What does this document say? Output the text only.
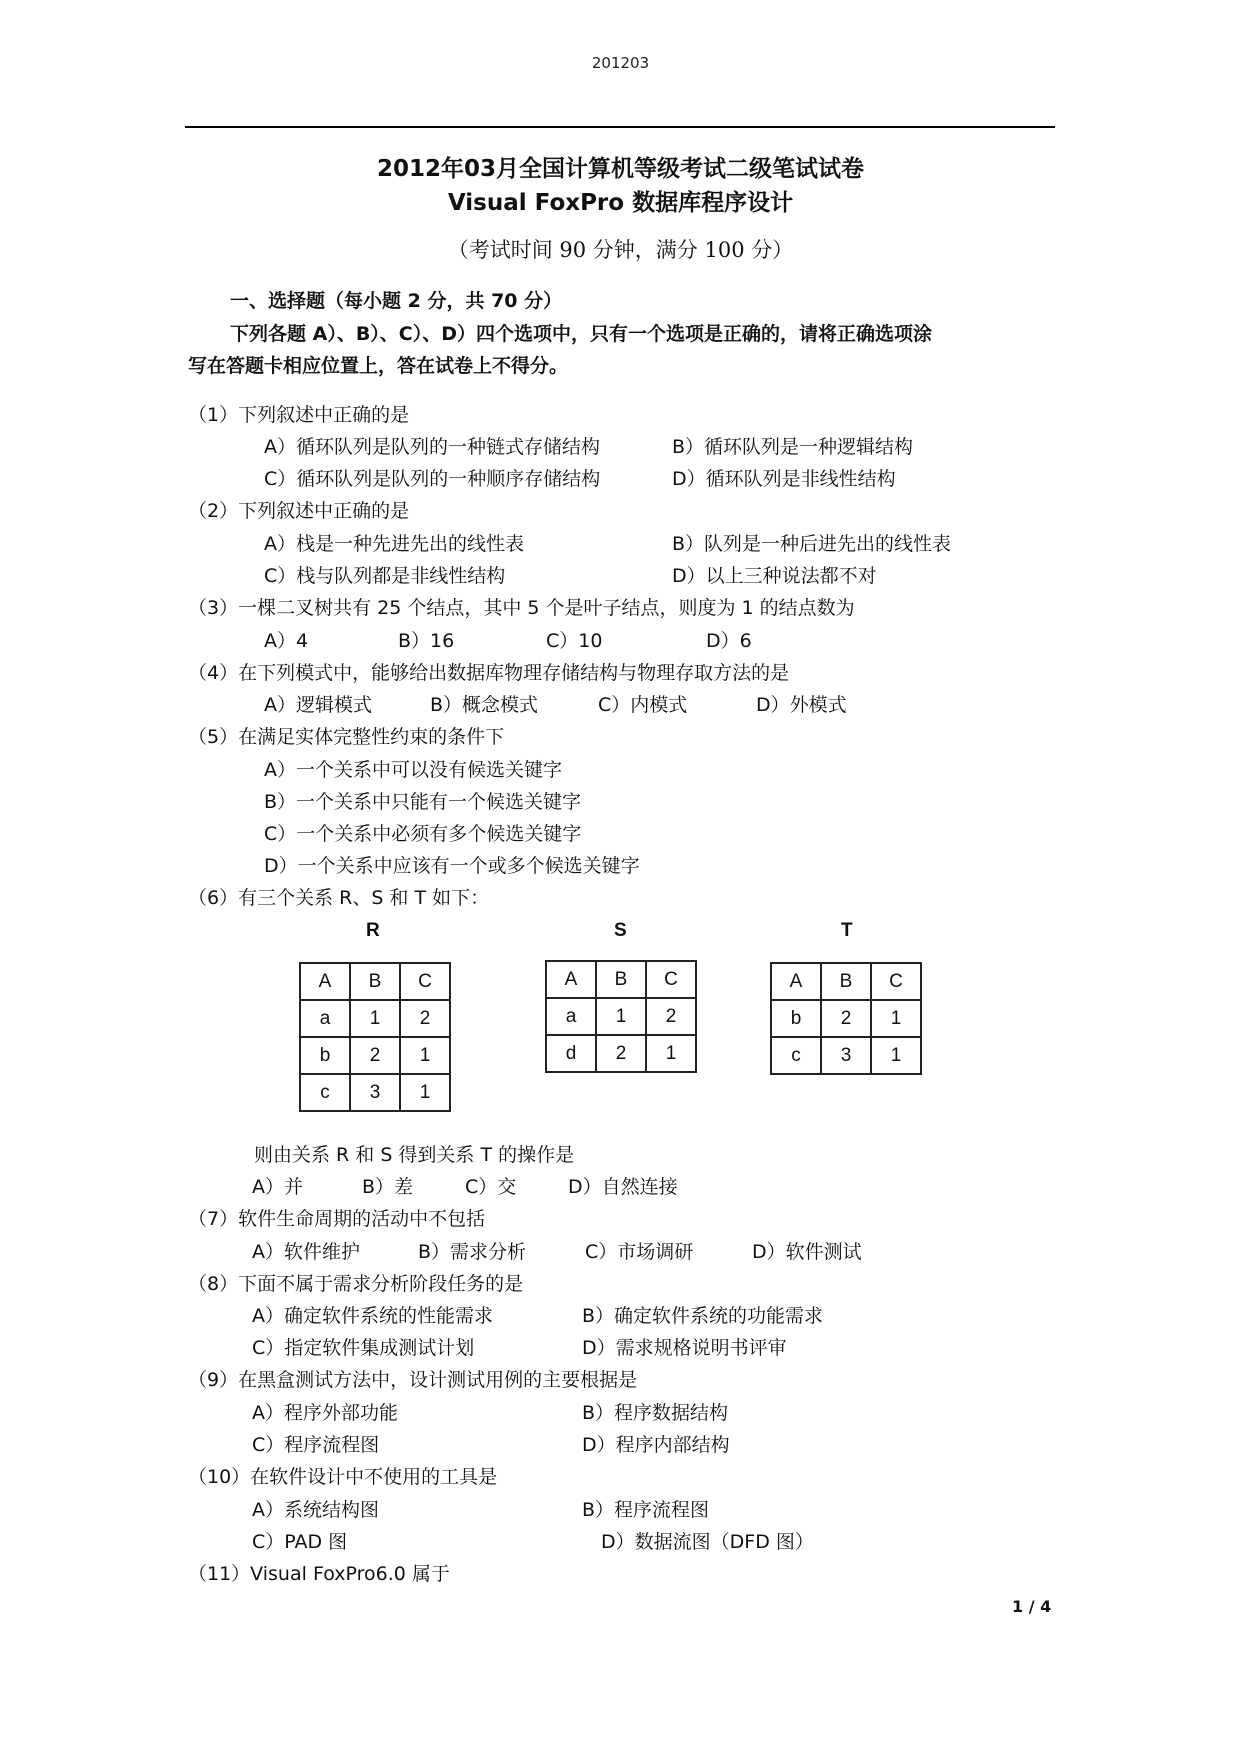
201203
2012年03月全国计算机等级考试二级笔试试卷
Visual FoxPro 数据库程序设计
（考试时间 90 分钟，满分 100 分）
一、选择题（每小题 2 分，共 70 分）
下列各题 A）、B）、C）、D）四个选项中，只有一个选项是正确的，请将正确选项涂
写在答题卡相应位置上，答在试卷上不得分。
（1）下列叙述中正确的是
A）循环队列是队列的一种链式存储结构	B）循环队列是一种逻辑结构
C）循环队列是队列的一种顺序存储结构	D）循环队列是非线性结构
（2）下列叙述中正确的是
A）栈是一种先进先出的线性表	B）队列是一种后进先出的线性表
C）栈与队列都是非线性结构	D）以上三种说法都不对
（3）一棵二叉树共有 25 个结点，其中 5 个是叶子结点，则度为 1 的结点数为
A）4	B）16	C）10	D）6
（4）在下列模式中，能够给出数据库物理存储结构与物理存取方法的是
A）逻辑模式	B）概念模式	C）内模式	D）外模式
（5）在满足实体完整性约束的条件下
A）一个关系中可以没有候选关键字
B）一个关系中只能有一个候选关键字
C）一个关系中必须有多个候选关键字
D）一个关系中应该有一个或多个候选关键字
（6）有三个关系 R、S 和 T 如下：
R	S	T
A	B	C
a	1	2
b	2	1
c	3	1
A	B	C
a	1	2
d	2	1
A	B	C
b	2	1
c	3	1
则由关系 R 和 S 得到关系 T 的操作是
A）并	B）差	C）交	D）自然连接
（7）软件生命周期的活动中不包括
A）软件维护	B）需求分析	C）市场调研	D）软件测试
（8）下面不属于需求分析阶段任务的是
A）确定软件系统的性能需求	B）确定软件系统的功能需求
C）指定软件集成测试计划	D）需求规格说明书评审
（9）在黑盒测试方法中，设计测试用例的主要根据是
A）程序外部功能	B）程序数据结构
C）程序流程图	D）程序内部结构
（10）在软件设计中不使用的工具是
A）系统结构图	B）程序流程图
C）PAD 图	D）数据流图（DFD 图）
（11）Visual FoxPro6.0 属于
1 / 4
